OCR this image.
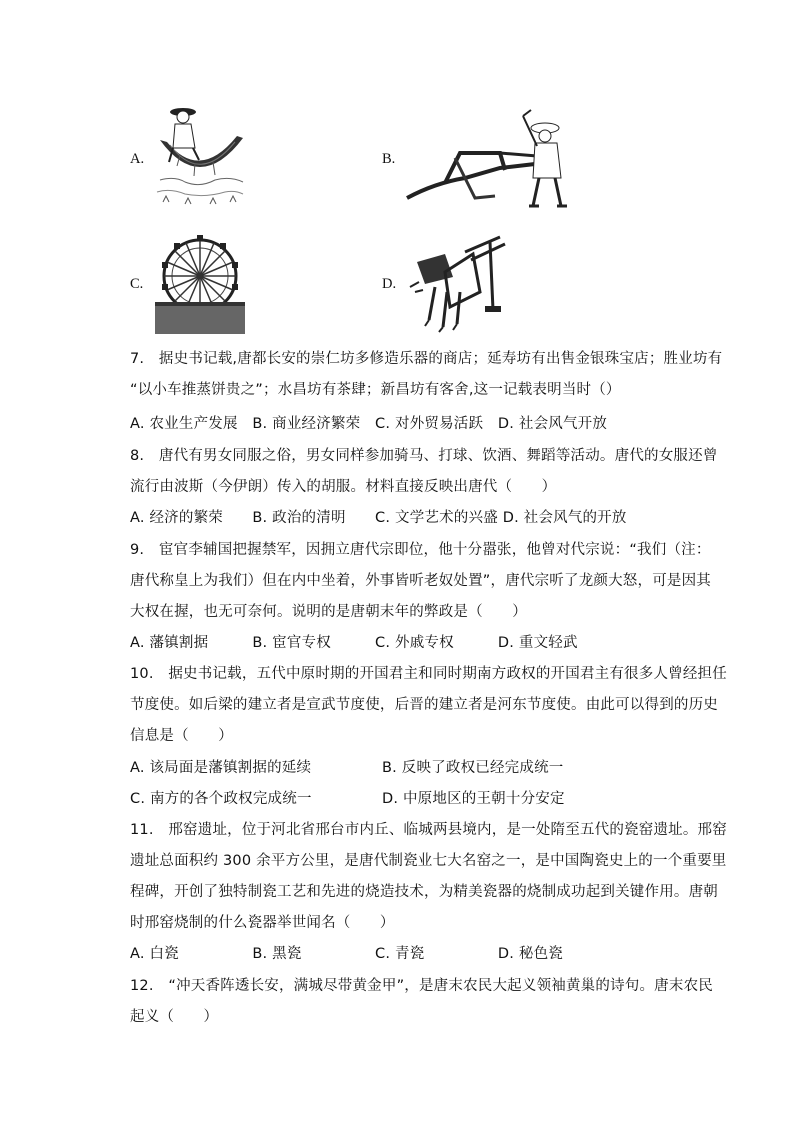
A.	B.
C.	D.
7.　据史书记载,唐都长安的崇仁坊多修造乐器的商店；延寿坊有出售金银珠宝店；胜业坊有
“以小车推蒸饼贵之”；水昌坊有茶肆；新昌坊有客舍,这一记载表明当时（）
A. 农业生产发展　B. 商业经济繁荣　C. 对外贸易活跃　D. 社会风气开放
8.　唐代有男女同服之俗，男女同样参加骑马、打球、饮酒、舞蹈等活动。唐代的女服还曾
流行由波斯（今伊朗）传入的胡服。材料直接反映出唐代（　　）
A. 经济的繁荣　　B. 政治的清明　　C. 文学艺术的兴盛 D. 社会风气的开放
9.　宦官李辅国把握禁军，因拥立唐代宗即位，他十分嚣张，他曾对代宗说：“我们（注：
唐代称皇上为我们）但在内中坐着，外事皆听老奴处置”，唐代宗听了龙颜大怒，可是因其
大权在握，也无可奈何。说明的是唐朝末年的弊政是（　　）
A. 藩镇割据　　　B. 宦官专权　　　C. 外戚专权　　　D. 重文轻武
10.　据史书记载，五代中原时期的开国君主和同时期南方政权的开国君主有很多人曾经担任
节度使。如后梁的建立者是宣武节度使，后晋的建立者是河东节度使。由此可以得到的历史
信息是（　　）
A. 该局面是藩镇割据的延续	B. 反映了政权已经完成统一
C. 南方的各个政权完成统一	D. 中原地区的王朝十分安定
11.　邢窑遗址，位于河北省邢台市内丘、临城两县境内，是一处隋至五代的瓷窑遗址。邢窑
遗址总面积约 300 余平方公里，是唐代制瓷业七大名窑之一，是中国陶瓷史上的一个重要里
程碑，开创了独特制瓷工艺和先进的烧造技术，为精美瓷器的烧制成功起到关键作用。唐朝
时邢窑烧制的什么瓷器举世闻名（　　）
A. 白瓷　　　　　B. 黑瓷　　　　　C. 青瓷　　　　　D. 秘色瓷
12.　“冲天香阵透长安，满城尽带黄金甲”，是唐末农民大起义领袖黄巢的诗句。唐末农民
起义（　　）
